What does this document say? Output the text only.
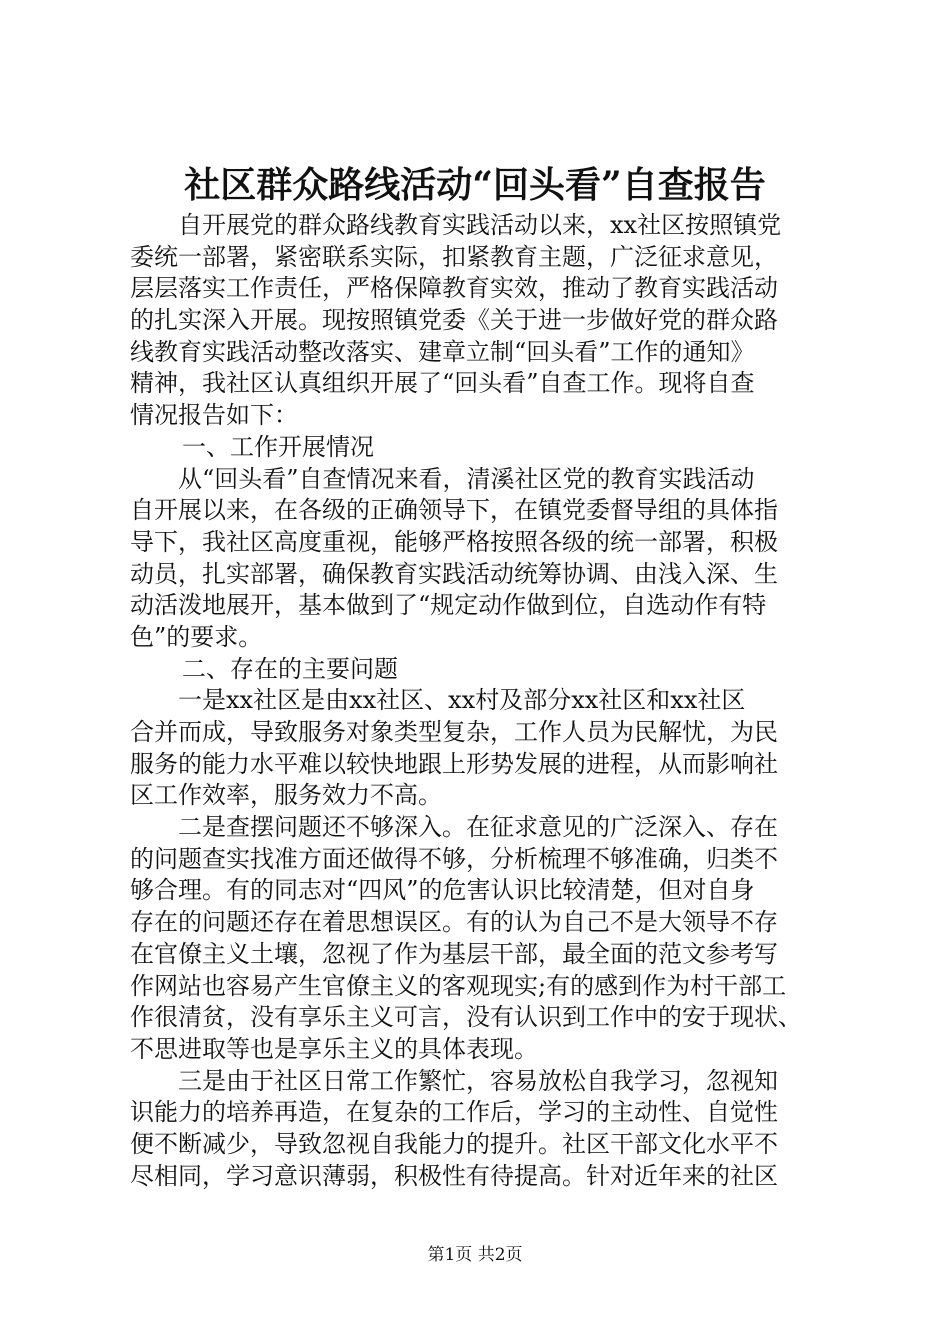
社区群众路线活动“回头看”自查报告
自开展党的群众路线教育实践活动以来，xx社区按照镇党
委统一部署，紧密联系实际，扣紧教育主题，广泛征求意见，
层层落实工作责任，严格保障教育实效，推动了教育实践活动
的扎实深入开展。现按照镇党委《关于进一步做好党的群众路
线教育实践活动整改落实、建章立制“回头看”工作的通知》
精神，我社区认真组织开展了“回头看”自查工作。现将自查
情况报告如下：
一、工作开展情况
从“回头看”自查情况来看，清溪社区党的教育实践活动
自开展以来，在各级的正确领导下，在镇党委督导组的具体指
导下，我社区高度重视，能够严格按照各级的统一部署，积极
动员，扎实部署，确保教育实践活动统筹协调、由浅入深、生
动活泼地展开，基本做到了“规定动作做到位，自选动作有特
色”的要求。
二、存在的主要问题
一是xx社区是由xx社区、xx村及部分xx社区和xx社区
合并而成，导致服务对象类型复杂，工作人员为民解忧，为民
服务的能力水平难以较快地跟上形势发展的进程，从而影响社
区工作效率，服务效力不高。
二是查摆问题还不够深入。在征求意见的广泛深入、存在
的问题查实找准方面还做得不够，分析梳理不够准确，归类不
够合理。有的同志对“四风”的危害认识比较清楚，但对自身
存在的问题还存在着思想误区。有的认为自己不是大领导不存
在官僚主义土壤，忽视了作为基层干部，最全面的范文参考写
作网站也容易产生官僚主义的客观现实;有的感到作为村干部工
作很清贫，没有享乐主义可言，没有认识到工作中的安于现状、
不思进取等也是享乐主义的具体表现。
三是由于社区日常工作繁忙，容易放松自我学习，忽视知
识能力的培养再造，在复杂的工作后，学习的主动性、自觉性
便不断减少，导致忽视自我能力的提升。社区干部文化水平不
尽相同，学习意识薄弱，积极性有待提高。针对近年来的社区
第1页 共2页
